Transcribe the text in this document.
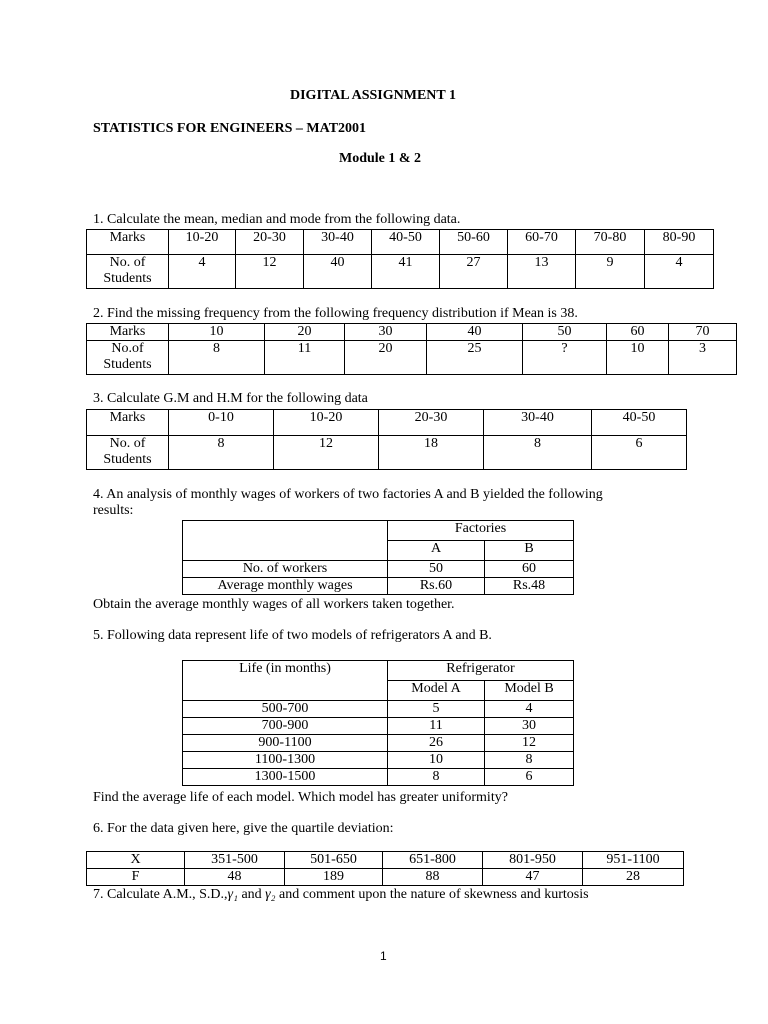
DIGITAL ASSIGNMENT 1
STATISTICS FOR ENGINEERS – MAT2001
Module 1 & 2
1. Calculate the mean, median and mode from the following data.
Marks	10-20	20-30	30-40	40-50	50-60	60-70	70-80	80-90
No. of
Students	4	12	40	41	27	13	9	4
2. Find the missing frequency from the following frequency distribution if Mean is 38.
Marks	10	20	30	40	50	60	70
No.of
Students	8	11	20	25	?	10	3
3. Calculate G.M and H.M for the following data
Marks	0-10	10-20	20-30	30-40	40-50
No. of
Students	8	12	18	8	6
4. An analysis of monthly wages of workers of two factories A and B yielded the following
results:
	Factories	
	A	B
No. of workers	50	60
Average monthly wages	Rs.60	Rs.48
Obtain the average monthly wages of all workers taken together.
5. Following data represent life of two models of refrigerators A and B.
Life (in months)	Refrigerator	
	Model A	Model B
500-700	5	4
700-900	11	30
900-1100	26	12
1100-1300	10	8
1300-1500	8	6
Find the average life of each model. Which model has greater uniformity?
6. For the data given here, give the quartile deviation:
X	351-500	501-650	651-800	801-950	951-1100
F	48	189	88	47	28
7. Calculate A.M., S.D.,γ₁ and γ₂ and comment upon the nature of skewness and kurtosis
1
